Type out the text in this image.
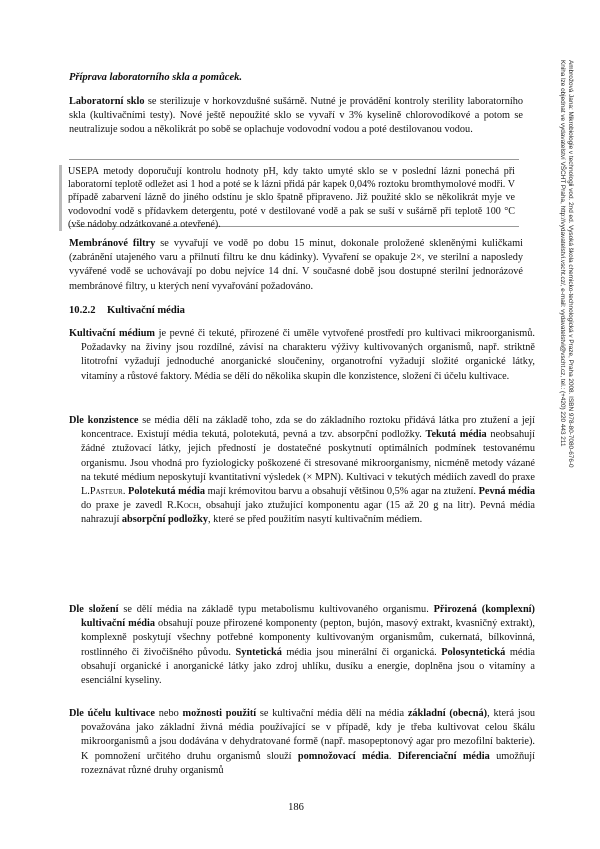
Ambrožová Jana: Mikrobiologie v technologii vod. 2nd ed. Vysoká škola chemicko-technologická v Praze, Praha 2008. ISBN 978-80-7080-676-0
Kniha lze objednat ve vydavatelství VŠCHT Praha, http://vydavatelstvi.vscht.cz/, e-mail: vydavatelstvi@vscht.cz, tel.: (+420) 220 443 211

Příprava laboratorního skla a pomůcek.

Laboratorní sklo se sterilizuje v horkovzdušné sušárně. Nutné je provádění kontroly sterility laboratorního skla (kultivačními testy). Nové ještě nepoužité sklo se vyvaří v 3% kyselině chlorovodíkové a potom se neutralizuje sodou a několikrát po sobě se oplachuje vodovodní vodou a poté destilovanou vodou.

USEPA metody doporučují kontrolu hodnoty pH, kdy takto umyté sklo se v poslední lázni ponechá při laboratorní teplotě odležet asi 1 hod a poté se k lázni přidá pár kapek 0,04% roztoku bromthymolové modři. V případě zabarvení lázně do jiného odstínu je sklo špatně připraveno. Již použité sklo se několikrát myje ve vodovodní vodě s přídavkem detergentu, poté v destilované vodě a pak se suší v sušárně při teplotě 100 °C (vše nádoby odzátkované a otevřené).

Membránové filtry se vyvařují ve vodě po dobu 15 minut, dokonale proložené skleněnými kuličkami (zabránění utajeného varu a přilnutí filtru ke dnu kádinky). Vyvaření se opakuje 2×, ve sterilní a naposledy vyvářené vodě se uchovávají po dobu nejvíce 14 dní. V současné době jsou dostupné sterilní jednorázové membránové filtry, u kterých není vyvařování požadováno.

10.2.2 Kultivační média

Kultivační médium je pevné či tekuté, přirozené či uměle vytvořené prostředí pro kultivaci mikroorganismů. Požadavky na živiny jsou rozdílné, závisí na charakteru výživy kultivovaných organismů, např. striktně litotrofní vyžadují jednoduché anorganické sloučeniny, organotrofní vyžadují složité organické látky, vitamíny a růstové faktory. Média se dělí do několika skupin dle konzistence, složení či účelu kultivace.

Dle konzistence se média dělí na základě toho, zda se do základního roztoku přidává látka pro ztužení a její koncentrace. Existují média tekutá, polotekutá, pevná a tzv. absorpční podložky. Tekutá média neobsahují žádné ztužovací látky, jejich předností je dostatečné poskytnutí optimálních podmínek testovanému organismu. Jsou vhodná pro fyziologicky poškozené či stresované mikroorganismy, nicméně metody vázané na tekuté médium neposkytují kvantitativní výsledek (× MPN). Kultivaci v tekutých médiích zavedl do praxe L.Pasteur. Polotekutá média mají krémovitou barvu a obsahují většinou 0,5% agar na ztužení. Pevná média do praxe je zavedl R.Koch, obsahují jako ztužující komponentu agar (15 až 20 g na litr). Pevná média nahrazují absorpční podložky, které se před použitím nasytí kultivačním médiem.

Dle složení se dělí média na základě typu metabolismu kultivovaného organismu. Přirozená (komplexní) kultivační média obsahují pouze přirozené komponenty (pepton, bujón, masový extrakt, kvasničný extrakt), komplexně poskytují všechny potřebné komponenty kultivovaným organismům, cukernatá, bílkovinná, rostlinného či živočišného původu. Syntetická média jsou minerální či organická. Polosyntetická média obsahují organické i anorganické látky jako zdroj uhlíku, dusíku a energie, doplněna jsou o vitamíny a esenciální kyseliny.

Dle účelu kultivace nebo možnosti použití se kultivační média dělí na média základní (obecná), která jsou považována jako základní živná média používající se v případě, kdy je třeba kultivovat celou škálu mikroorganismů a jsou dodávána v dehydratované formě (např. masopeptonový agar pro mezofilní bakterie). K pomnožení určitého druhu organismů slouží pomnožovací média. Diferenciační média umožňují rozeznávat různé druhy organismů

186
